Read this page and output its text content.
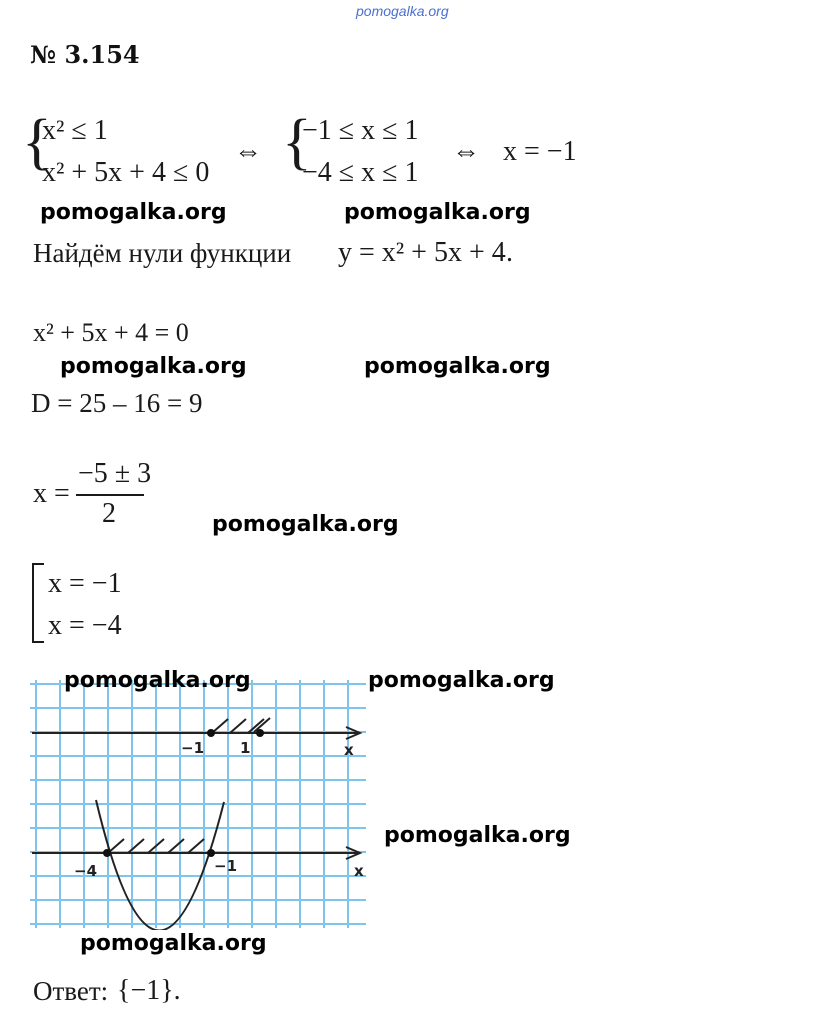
pomogalka.org
№ 3.154
{
x² ≤ 1
x² + 5x + 4 ≤ 0
⇔ {
−1 ≤ x ≤ 1
−4 ≤ x ≤ 1
⇔ x = −1
pomogalka.org	pomogalka.org
Найдём нули функции y = x² + 5x + 4 .
x² + 5x + 4 = 0
pomogalka.org	pomogalka.org
D = 25 – 16 = 9
x =
−5 ± 3
2	pomogalka.org
x = −1
x = −4
−1 1	x
−4	−1	x
pomogalka.org	pomogalka.org
pomogalka.org
pomogalka.org
Ответ: {−1}.
